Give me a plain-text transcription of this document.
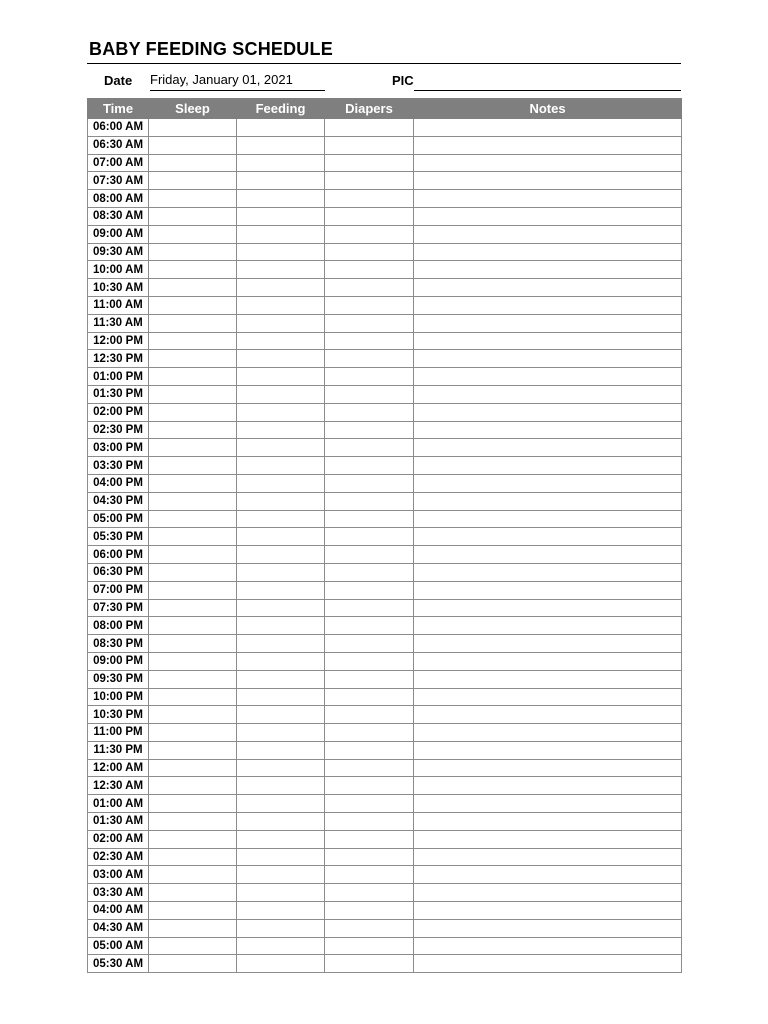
BABY FEEDING SCHEDULE
Date Friday, January 01, 2021	PIC
Time	Sleep	Feeding	Diapers	Notes
06:00 AM				
06:30 AM				
07:00 AM				
07:30 AM				
08:00 AM				
08:30 AM				
09:00 AM				
09:30 AM				
10:00 AM				
10:30 AM				
11:00 AM				
11:30 AM				
12:00 PM				
12:30 PM				
01:00 PM				
01:30 PM				
02:00 PM				
02:30 PM				
03:00 PM				
03:30 PM				
04:00 PM				
04:30 PM				
05:00 PM				
05:30 PM				
06:00 PM				
06:30 PM				
07:00 PM				
07:30 PM				
08:00 PM				
08:30 PM				
09:00 PM				
09:30 PM				
10:00 PM				
10:30 PM				
11:00 PM				
11:30 PM				
12:00 AM				
12:30 AM				
01:00 AM				
01:30 AM				
02:00 AM				
02:30 AM				
03:00 AM				
03:30 AM				
04:00 AM				
04:30 AM				
05:00 AM				
05:30 AM				
